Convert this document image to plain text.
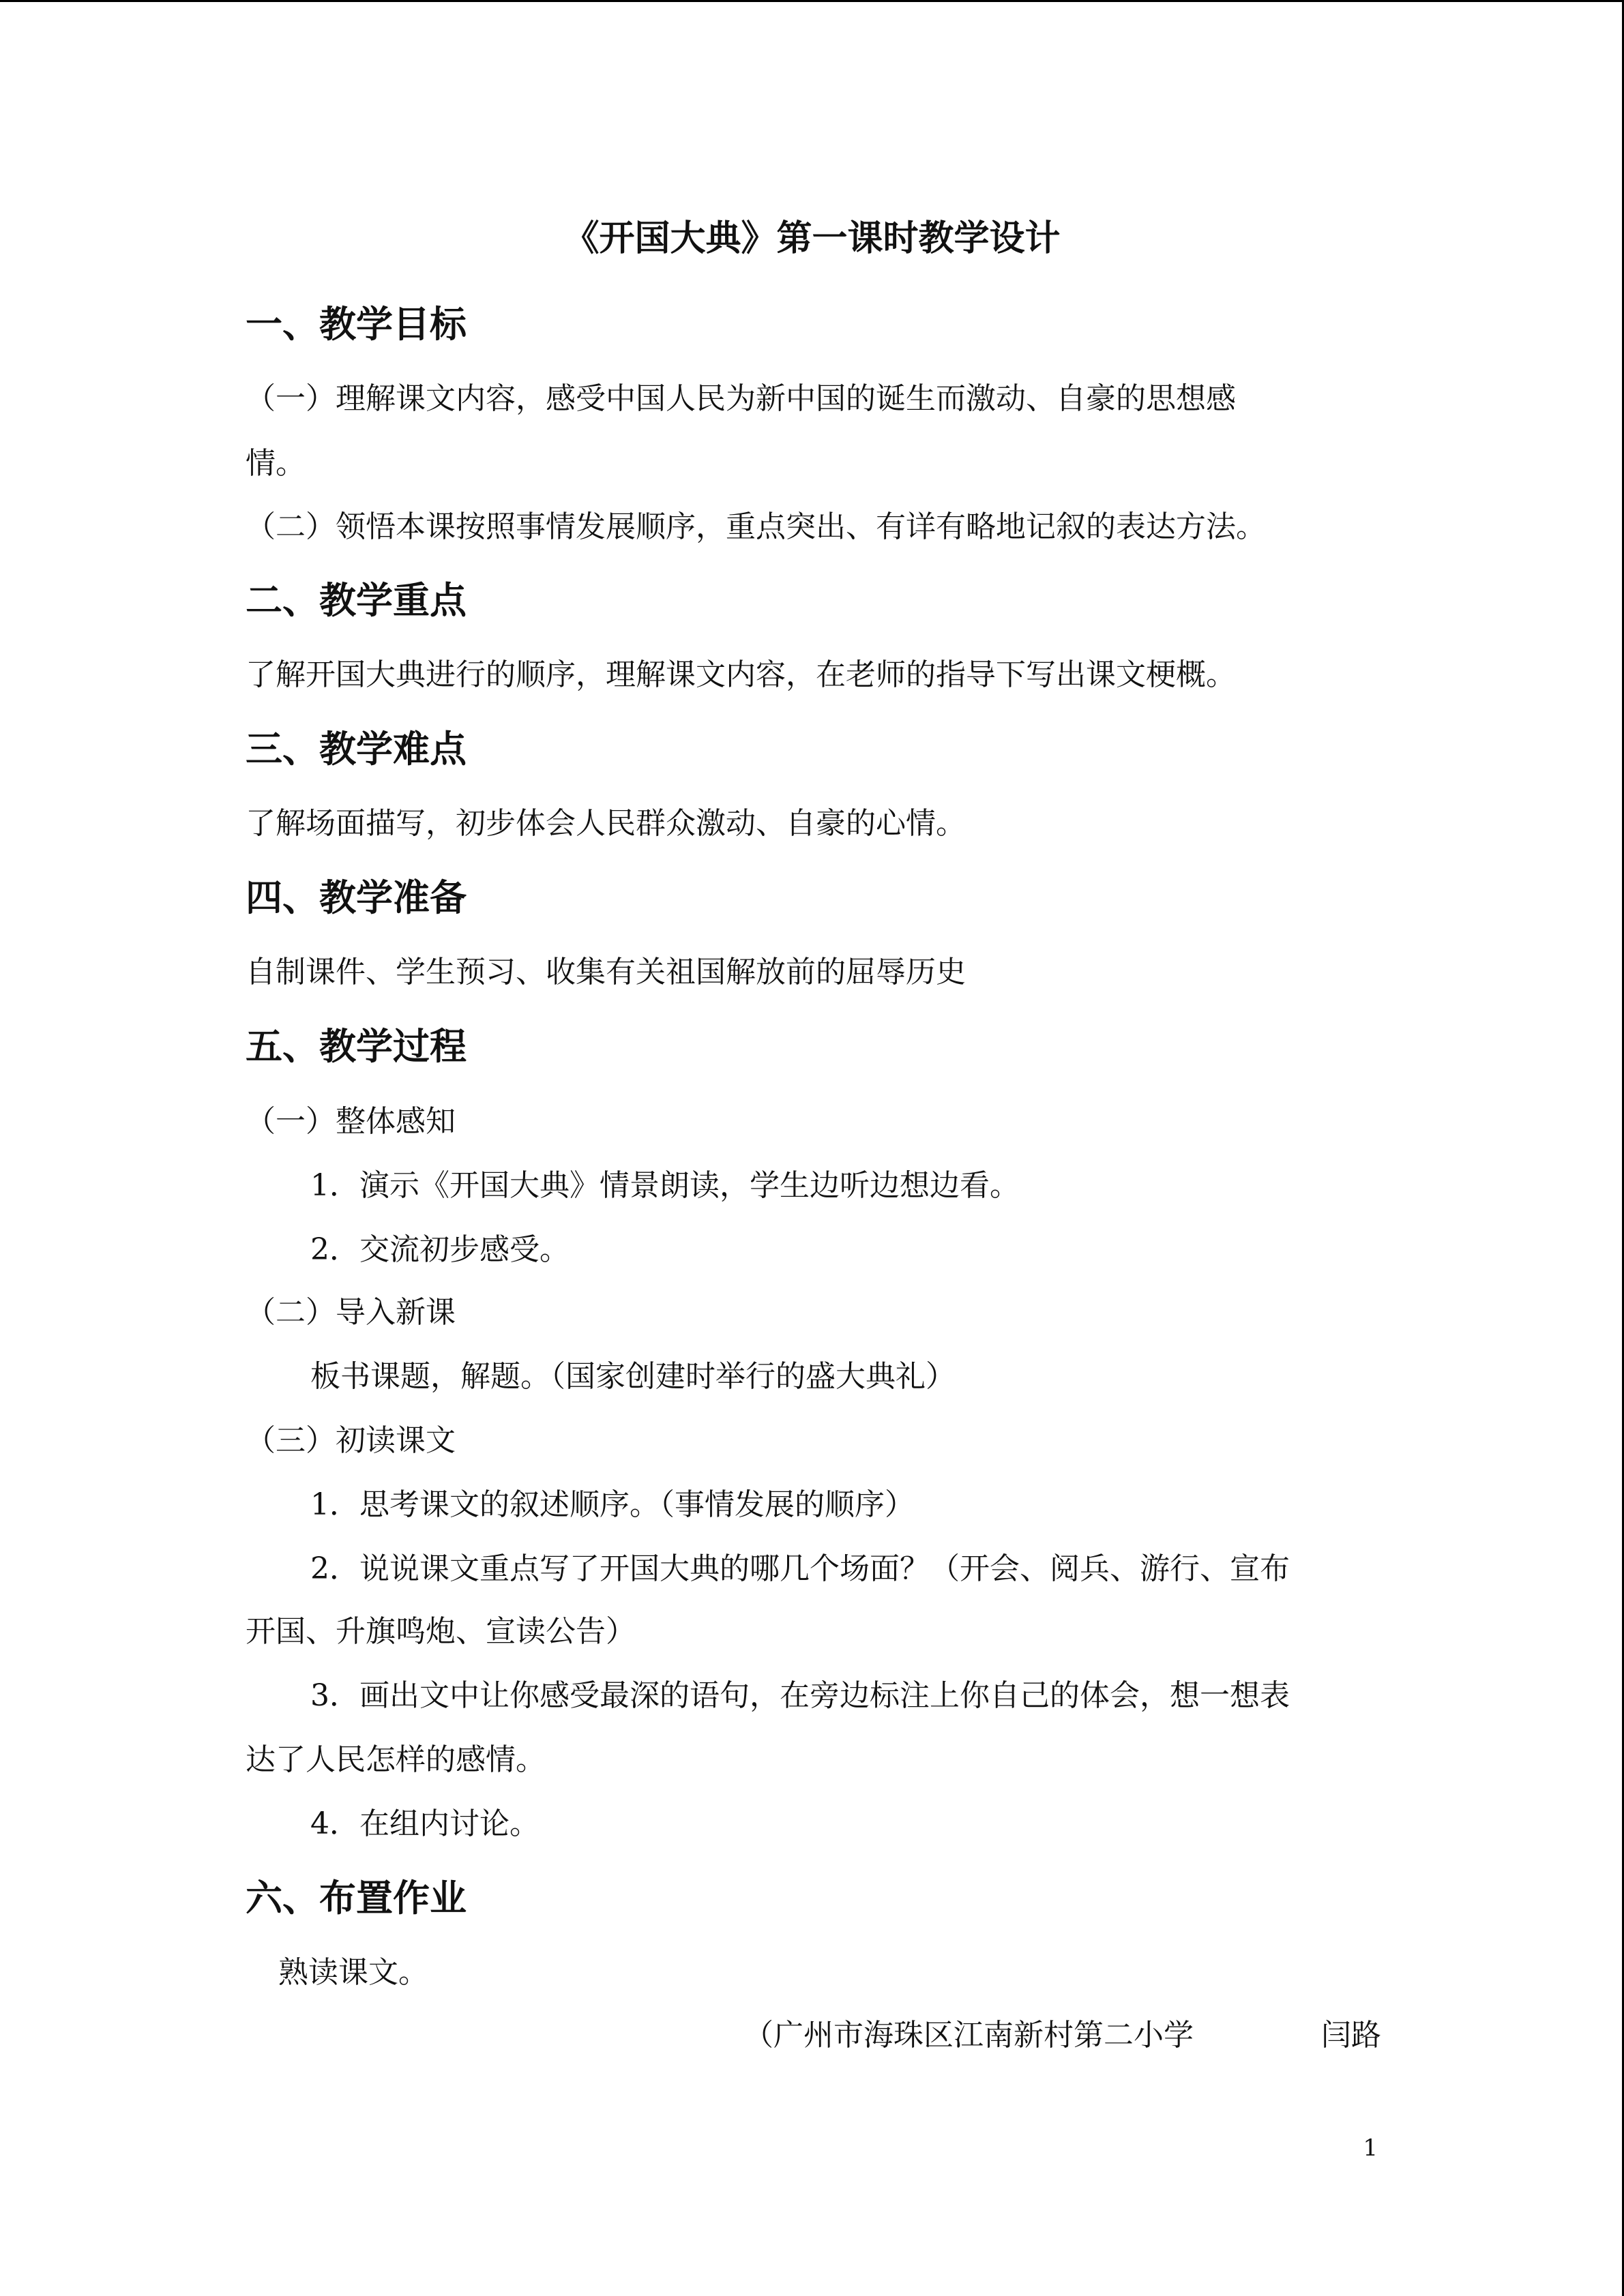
《开国大典》第一课时教学设计
一、教学目标
（一）理解课文内容，感受中国人民为新中国的诞生而激动、自豪的思想感
情。
（二）领悟本课按照事情发展顺序，重点突出、有详有略地记叙的表达方法。
二、教学重点
了解开国大典进行的顺序，理解课文内容，在老师的指导下写出课文梗概。
三、教学难点
了解场面描写，初步体会人民群众激动、自豪的心情。
四、教学准备
自制课件、学生预习、收集有关祖国解放前的屈辱历史
五、教学过程
（一）整体感知
1．演示《开国大典》情景朗读，学生边听边想边看。
2．交流初步感受。
（二）导入新课
板书课题，解题。（国家创建时举行的盛大典礼）
（三）初读课文
1．思考课文的叙述顺序。（事情发展的顺序）
2．说说课文重点写了开国大典的哪几个场面？（开会、阅兵、游行、宣布
开国、升旗鸣炮、宣读公告）
3．画出文中让你感受最深的语句，在旁边标注上你自己的体会，想一想表
达了人民怎样的感情。
4．在组内讨论。
六、布置作业
熟读课文。
（广州市海珠区江南新村第二小学	闫路
1
